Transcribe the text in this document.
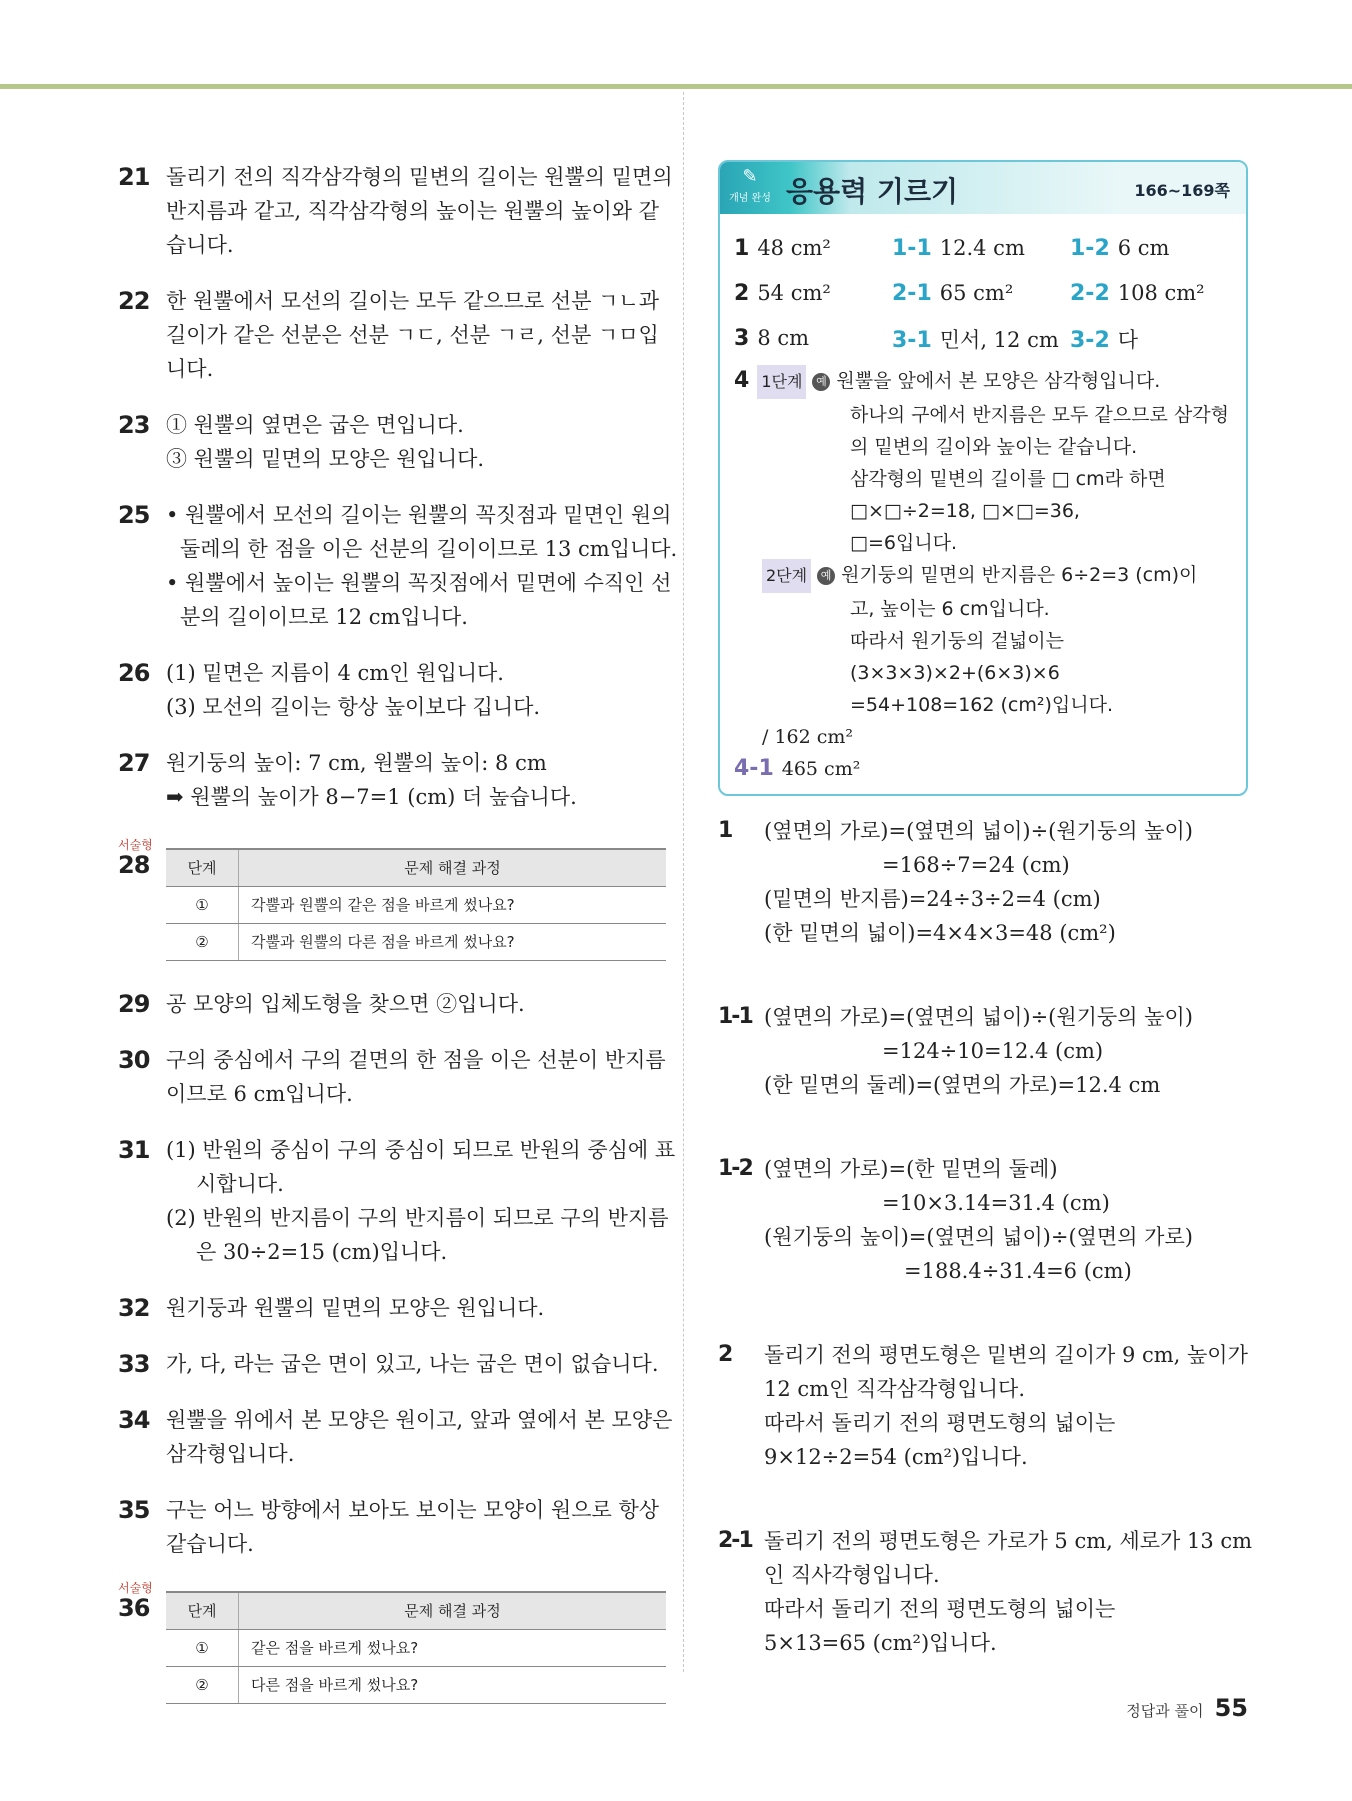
21 돌리기 전의 직각삼각형의 밑변의 길이는 원뿔의 밑면의
반지름과 같고, 직각삼각형의 높이는 원뿔의 높이와 같
습니다.
22 한 원뿔에서 모선의 길이는 모두 같으므로 선분 ㄱㄴ과
길이가 같은 선분은 선분 ㄱㄷ, 선분 ㄱㄹ, 선분 ㄱㅁ입
니다.
23 ① 원뿔의 옆면은 굽은 면입니다.
③ 원뿔의 밑면의 모양은 원입니다.
25 • 원뿔에서 모선의 길이는 원뿔의 꼭짓점과 밑면인 원의
둘레의 한 점을 이은 선분의 길이이므로 13 cm입니다.
• 원뿔에서 높이는 원뿔의 꼭짓점에서 밑면에 수직인 선
분의 길이이므로 12 cm입니다.
26 (1) 밑면은 지름이 4 cm인 원입니다.
(3) 모선의 길이는 항상 높이보다 깁니다.
27 원기둥의 높이: 7 cm, 원뿔의 높이: 8 cm
➡ 원뿔의 높이가 8−7=1 (cm) 더 높습니다.
서술형
28	단계	문제 해결 과정
①	각뿔과 원뿔의 같은 점을 바르게 썼나요?
②	각뿔과 원뿔의 다른 점을 바르게 썼나요?
29 공 모양의 입체도형을 찾으면 ②입니다.
30 구의 중심에서 구의 겉면의 한 점을 이은 선분이 반지름
이므로 6 cm입니다.
31 (1) 반원의 중심이 구의 중심이 되므로 반원의 중심에 표
시합니다.
(2) 반원의 반지름이 구의 반지름이 되므로 구의 반지름
은 30÷2=15 (cm)입니다.
32 원기둥과 원뿔의 밑면의 모양은 원입니다.
33 가, 다, 라는 굽은 면이 있고, 나는 굽은 면이 없습니다.
34 원뿔을 위에서 본 모양은 원이고, 앞과 옆에서 본 모양은
삼각형입니다.
35 구는 어느 방향에서 보아도 보이는 모양이 원으로 항상
같습니다.
서술형
36	단계	문제 해결 과정
①	같은 점을 바르게 썼나요?
②	다른 점을 바르게 썼나요?
✎
개념 완성 응용력 기르기	166~169쪽
1 48 cm²	1-1 12.4 cm	1-2 6 cm
2 54 cm²	2-1 65 cm²	2-2 108 cm²
3 8 cm	3-1 민서, 12 cm 3-2 다
4 1단계 예 원뿔을 앞에서 본 모양은 삼각형입니다.
하나의 구에서 반지름은 모두 같으므로 삼각형
의 밑변의 길이와 높이는 같습니다.
삼각형의 밑변의 길이를 □ cm라 하면
□×□÷2=18, □×□=36,
□=6입니다.
2단계 예 원기둥의 밑면의 반지름은 6÷2=3 (cm)이
고, 높이는 6 cm입니다.
따라서 원기둥의 겉넓이는
(3×3×3)×2+(6×3)×6
=54+108=162 (cm²)입니다.
/ 162 cm²
4-1 465 cm²
1 (옆면의 가로)=(옆면의 넓이)÷(원기둥의 높이)
=168÷7=24 (cm)
(밑면의 반지름)=24÷3÷2=4 (cm)
(한 밑면의 넓이)=4×4×3=48 (cm²)
1-1 (옆면의 가로)=(옆면의 넓이)÷(원기둥의 높이)
=124÷10=12.4 (cm)
(한 밑면의 둘레)=(옆면의 가로)=12.4 cm
1-2 (옆면의 가로)=(한 밑면의 둘레)
=10×3.14=31.4 (cm)
(원기둥의 높이)=(옆면의 넓이)÷(옆면의 가로)
=188.4÷31.4=6 (cm)
2 돌리기 전의 평면도형은 밑변의 길이가 9 cm, 높이가
12 cm인 직각삼각형입니다.
따라서 돌리기 전의 평면도형의 넓이는
9×12÷2=54 (cm²)입니다.
2-1 돌리기 전의 평면도형은 가로가 5 cm, 세로가 13 cm
인 직사각형입니다.
따라서 돌리기 전의 평면도형의 넓이는
5×13=65 (cm²)입니다.
정답과 풀이 55
